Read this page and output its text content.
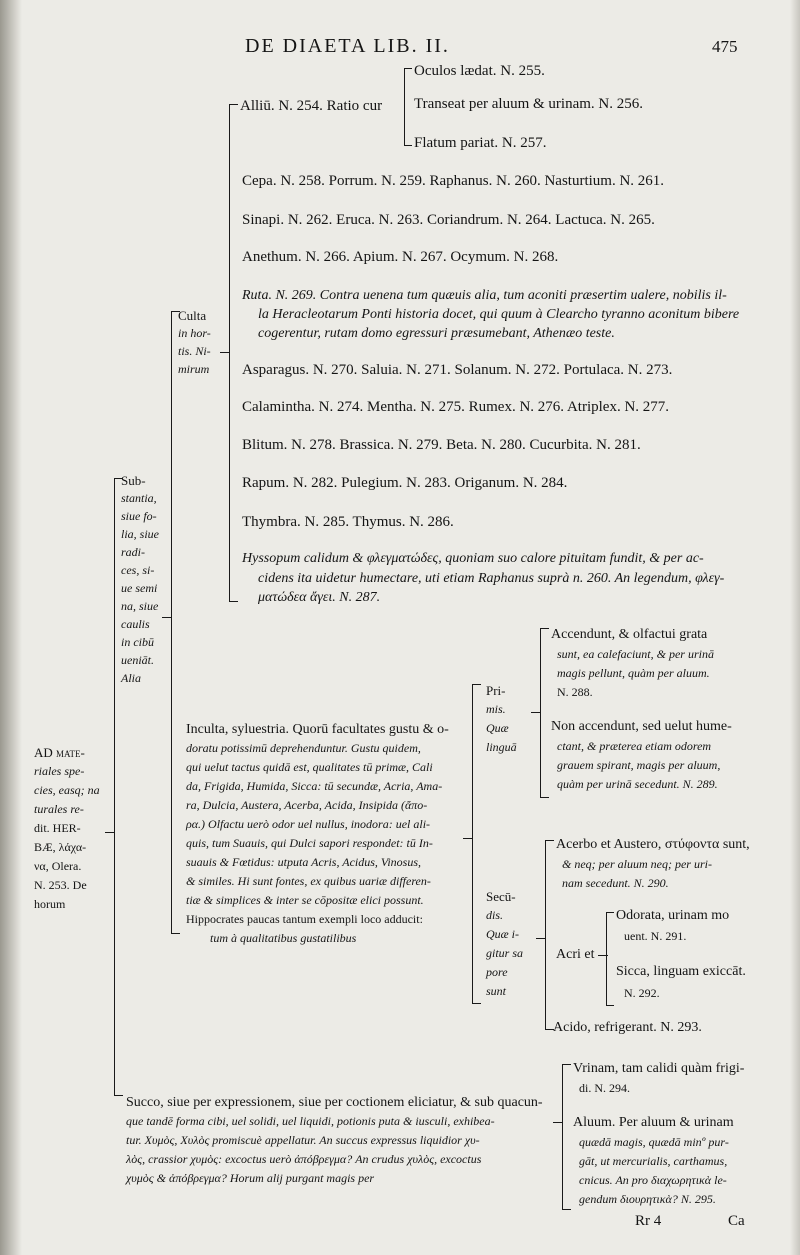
DE DIAETA LIB. II.	475
Alliū. N. 254. Ratio cur
Oculos lædat. N. 255.
Transeat per aluum & urinam. N. 256.
Flatum pariat. N. 257.
Cepa. N. 258. Porrum. N. 259. Raphanus. N. 260. Nasturtium. N. 261.
Sinapi. N. 262. Eruca. N. 263. Coriandrum. N. 264. Lactuca. N. 265.
Anethum. N. 266. Apium. N. 267. Ocymum. N. 268.
Ruta. N. 269. Contra uenena tum quæuis alia, tum aconiti præsertim ualere, nobilis il-
la Heracleotarum Ponti historia docet, qui quum à Clearcho tyranno aconitum bibere
cogerentur, rutam domo egressuri præsumebant, Athenæo teste.
Asparagus. N. 270. Saluia. N. 271. Solanum. N. 272. Portulaca. N. 273.
Calamintha. N. 274. Mentha. N. 275. Rumex. N. 276. Atriplex. N. 277.
Blitum. N. 278. Brassica. N. 279. Beta. N. 280. Cucurbita. N. 281.
Rapum. N. 282. Pulegium. N. 283. Origanum. N. 284.
Thymbra. N. 285. Thymus. N. 286.
Hyssopum calidum & φλεγματώδες, quoniam suo calore pituitam fundit, & per ac-
cidens ita uidetur humectare, uti etiam Raphanus suprà n. 260. An legendum, φλεγ-
ματώδεα ἄγει. N. 287.
Culta
in hor-
tis. Ni-
mirum
Sub-
stantia,
siue fo-
lia, siue
radi-
ces, si-
ue semi
na, siue
caulis
in cibū
ueniāt.
Alia
AD mate-
riales spe-
cies, easq; na
turales re-
dit. HER-
BÆ, λάχα-
να, Olera.
N. 253. De
horum
Inculta, syluestria. Quorū facultates gustu & o-
doratu potissimū deprehenduntur. Gustu quidem,
qui uelut tactus quidā est, qualitates tū primæ, Cali
da, Frigida, Humida, Sicca: tū secundæ, Acria, Ama-
ra, Dulcia, Austera, Acerba, Acida, Insipida (ἄπο-
ρα.) Olfactu uerò odor uel nullus, inodora: uel ali-
quis, tum Suauis, qui Dulci sapori respondet: tū In-
suauis & Fœtidus: utputa Acris, Acidus, Vinosus,
& similes. Hi sunt fontes, ex quibus uariæ differen-
tiæ & simplices & inter se cōpositæ elici possunt.
Hippocrates paucas tantum exempli loco adducit:
tum à qualitatibus gustatilibus
Pri-
mis.
Quæ
linguā
Accendunt, & olfactui grata
sunt, ea calefaciunt, & per urinā
magis pellunt, quàm per aluum.
N. 288.
Non accendunt, sed uelut hume-
ctant, & præterea etiam odorem
grauem spirant, magis per aluum,
quàm per urinā secedunt. N. 289.
Secū-
dis.
Quæ i-
gitur sa
pore
sunt
Acerbo et Austero, στύφοντα sunt,
& neq; per aluum neq; per uri-
nam secedunt. N. 290.
Acri et
Odorata, urinam mo
uent. N. 291.
Sicca, linguam exiccāt.
N. 292.
Acido, refrigerant. N. 293.
Succo, siue per expressionem, siue per coctionem eliciatur, & sub quacun-
que tandē forma cibi, uel solidi, uel liquidi, potionis puta & iusculi, exhibea-
tur. Χυμὸς, Χυλὸς promiscuè appellatur. An succus expressus liquidior χυ-
λὸς, crassior χυμὸς: excoctus uerò ἀπόβρεγμα? An crudus χυλὸς, excoctus
χυμὸς & ἀπόβρεγμα? Horum alij purgant magis per
Vrinam, tam calidi quàm frigi-
di. N. 294.
Aluum. Per aluum & urinam
quædā magis, quædā minº pur-
gāt, ut mercurialis, carthamus,
cnicus. An pro διαχωρητικὰ le-
gendum διουρητικὰ? N. 295.
Rr 4	Ca
